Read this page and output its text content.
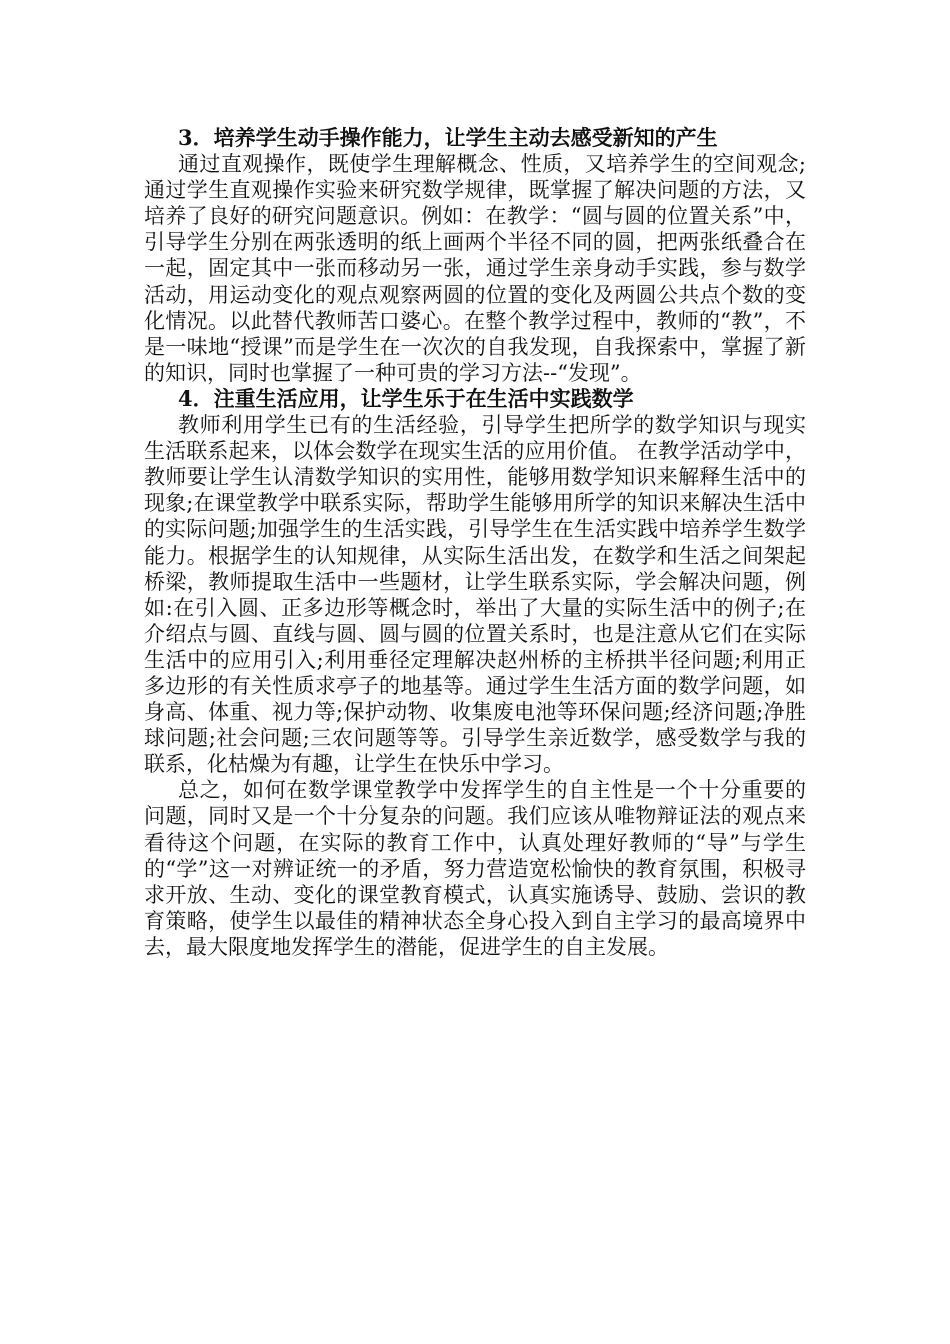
3．培养学生动手操作能力，让学生主动去感受新知的产生

通过直观操作，既使学生理解概念、性质，又培养学生的空间观念;通过学生直观操作实验来研究数学规律，既掌握了解决问题的方法，又培养了良好的研究问题意识。例如：在教学：“圆与圆的位置关系”中，引导学生分别在两张透明的纸上画两个半径不同的圆，把两张纸叠合在一起，固定其中一张而移动另一张，通过学生亲身动手实践，参与数学活动，用运动变化的观点观察两圆的位置的变化及两圆公共点个数的变化情况。以此替代教师苦口婆心。在整个教学过程中，教师的“教”，不是一味地“授课”而是学生在一次次的自我发现，自我探索中，掌握了新的知识，同时也掌握了一种可贵的学习方法--“发现”。

4．注重生活应用，让学生乐于在生活中实践数学

教师利用学生已有的生活经验，引导学生把所学的数学知识与现实生活联系起来，以体会数学在现实生活的应用价值。 在教学活动学中，教师要让学生认清数学知识的实用性，能够用数学知识来解释生活中的现象;在课堂教学中联系实际，帮助学生能够用所学的知识来解决生活中的实际问题;加强学生的生活实践，引导学生在生活实践中培养学生数学能力。根据学生的认知规律，从实际生活出发，在数学和生活之间架起桥梁，教师提取生活中一些题材，让学生联系实际，学会解决问题，例如:在引入圆、正多边形等概念时，举出了大量的实际生活中的例子;在介绍点与圆、直线与圆、圆与圆的位置关系时，也是注意从它们在实际生活中的应用引入;利用垂径定理解决赵州桥的主桥拱半径问题;利用正多边形的有关性质求亭子的地基等。通过学生生活方面的数学问题，如身高、体重、视力等;保护动物、收集废电池等环保问题;经济问题;净胜球问题;社会问题;三农问题等等。引导学生亲近数学，感受数学与我的联系，化枯燥为有趣，让学生在快乐中学习。

总之，如何在数学课堂教学中发挥学生的自主性是一个十分重要的问题，同时又是一个十分复杂的问题。我们应该从唯物辩证法的观点来看待这个问题，在实际的教育工作中，认真处理好教师的“导”与学生的“学”这一对辨证统一的矛盾，努力营造宽松愉快的教育氛围，积极寻求开放、生动、变化的课堂教育模式，认真实施诱导、鼓励、尝识的教育策略，使学生以最佳的精神状态全身心投入到自主学习的最高境界中去，最大限度地发挥学生的潜能，促进学生的自主发展。
